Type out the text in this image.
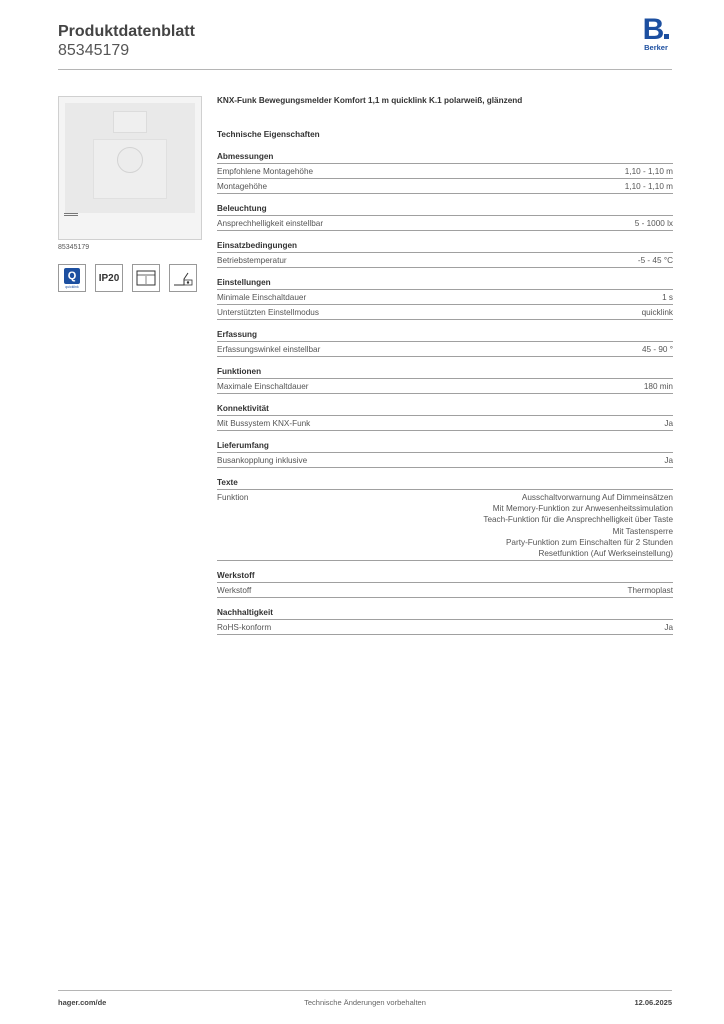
Produktdatenblatt
85345179
B
Berker
85345179
Q
quicklink
IP20
KNX-Funk Bewegungsmelder Komfort 1,1 m quicklink K.1 polarweiß, glänzend
Technische Eigenschaften
Abmessungen
Empfohlene Montagehöhe	1,10 - 1,10 m
Montagehöhe	1,10 - 1,10 m
Beleuchtung
Ansprechhelligkeit einstellbar	5 - 1000 lx
Einsatzbedingungen
Betriebstemperatur	-5 - 45 °C
Einstellungen
Minimale Einschaltdauer	1 s
Unterstützten Einstellmodus	quicklink
Erfassung
Erfassungswinkel einstellbar	45 - 90 °
Funktionen
Maximale Einschaltdauer	180 min
Konnektivität
Mit Bussystem KNX-Funk	Ja
Lieferumfang
Busankopplung inklusive	Ja
Texte
Funktion	Ausschaltvorwarnung Auf Dimmeinsätzen
Mit Memory-Funktion zur Anwesenheitssimulation
Teach-Funktion für die Ansprechhelligkeit über Taste
Mit Tastensperre
Party-Funktion zum Einschalten für 2 Stunden
Resetfunktion (Auf Werkseinstellung)
Werkstoff
Werkstoff	Thermoplast
Nachhaltigkeit
RoHS-konform	Ja
hager.com/de	Technische Änderungen vorbehalten	12.06.2025
